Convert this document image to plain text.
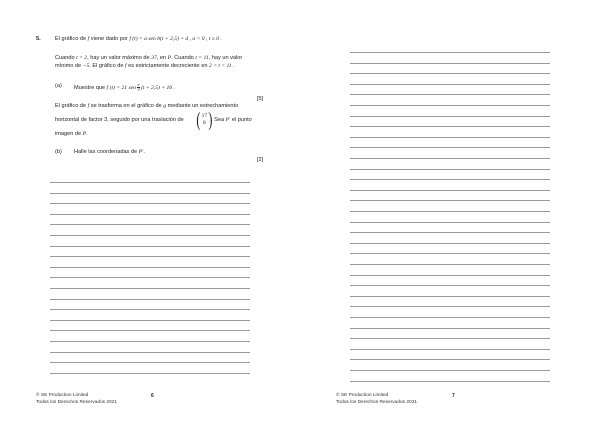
5.	El gráfico de f viene dado por f (t) = a sen b(t + 2,5) + d , a > 0 , t ≥ 0 .
Cuando t = 2, hay un valor máximo de 37, en P. Cuando t = 11, hay un valor
mínimo de −5. El gráfico de f es estrictamente decreciente en 2 < t < 11 .
(a) Muestre que f (t) = 21 sen $\frac{\pi}{9} (t + 2,5) + 16$ .
[5]
El gráfico de f se trasforma en el gráfico de g mediante un estrechamiento
horizontal de factor 3, seguido por una traslación de ( 17
8 )
. Sea P′ el punto
imagen de P.
(b) Halle las coordenadas de P′.
[2]
© SE Production Limited
Todos los Derechos Reservados 2021
6	© SE Production Limited
Todos los Derechos Reservados 2021
7
